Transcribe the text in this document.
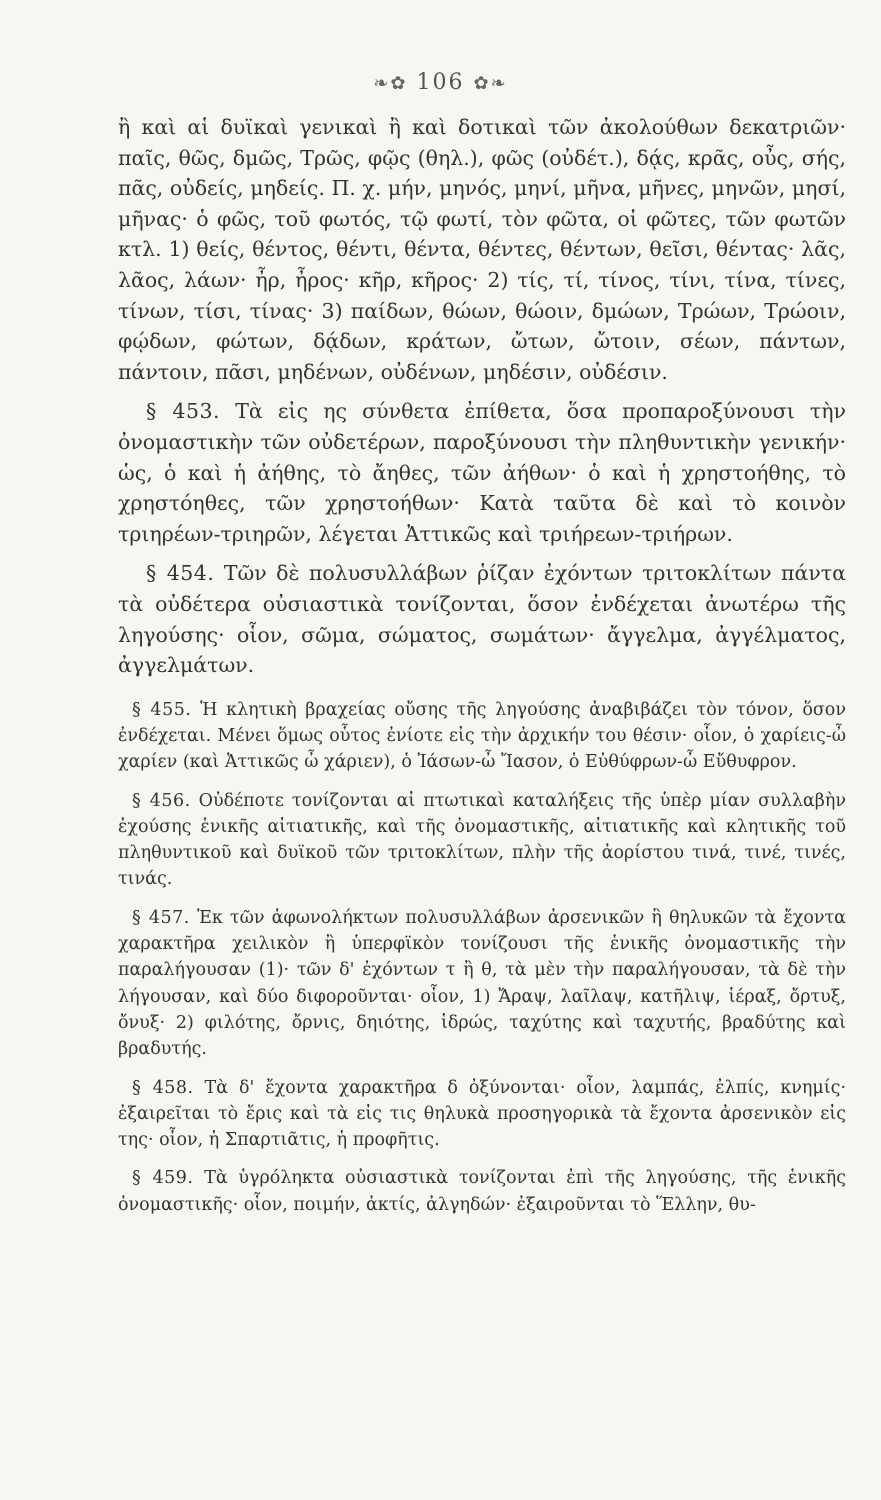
❧✿ 106 ✿❧

ἢ καὶ αἱ δυϊκαὶ γενικαὶ ἢ καὶ δοτικαὶ τῶν ἀκολούθων δεκατριῶν· παῖς, θῶς, δμῶς, Τρῶς, φῷς (θηλ.), φῶς (οὐδέτ.), δᾴς, κρᾶς, οὖς, σής, πᾶς, οὐδείς, μηδείς. Π. χ. μήν, μηνός, μηνί, μῆνα, μῆνες, μηνῶν, μησί, μῆνας· ὁ φῶς, τοῦ φωτός, τῷ φωτί, τὸν φῶτα, οἱ φῶτες, τῶν φωτῶν κτλ. 1) θείς, θέντος, θέντι, θέντα, θέντες, θέντων, θεῖσι, θέντας· λᾶς, λᾶος, λάων· ἦρ, ἦρος· κῆρ, κῆρος· 2) τίς, τί, τίνος, τίνι, τίνα, τίνες, τίνων, τίσι, τίνας· 3) παίδων, θώων, θώοιν, δμώων, Τρώων, Τρώοιν, φῴδων, φώτων, δᾴδων, κράτων, ὤτων, ὤτοιν, σέων, πάντων, πάντοιν, πᾶσι, μηδένων, οὐδένων, μηδέσιν, οὐδέσιν.

§ 453. Τὰ εἰς ης σύνθετα ἐπίθετα, ὅσα προπαροξύνουσι τὴν ὀνομαστικὴν τῶν οὐδετέρων, παροξύνουσι τὴν πληθυντικὴν γενικήν· ὡς, ὁ καὶ ἡ ἀήθης, τὸ ἄηθες, τῶν ἀήθων· ὁ καὶ ἡ χρηστοήθης, τὸ χρηστόηθες, τῶν χρηστοήθων· Κατὰ ταῦτα δὲ καὶ τὸ κοινὸν τριηρέων-τριηρῶν, λέγεται Ἀττικῶς καὶ τριήρεων-τριήρων.

§ 454. Τῶν δὲ πολυσυλλάβων ῥίζαν ἐχόντων τριτοκλίτων πάντα τὰ οὐδέτερα οὐσιαστικὰ τονίζονται, ὅσον ἐνδέχεται ἀνωτέρω τῆς ληγούσης· οἷον, σῶμα, σώματος, σωμάτων· ἄγγελμα, ἀγγέλματος, ἀγγελμάτων.

§ 455. Ἡ κλητικὴ βραχείας οὔσης τῆς ληγούσης ἀναβιβάζει τὸν τόνον, ὅσον ἐνδέχεται. Μένει ὅμως οὗτος ἐνίοτε εἰς τὴν ἀρχικήν του θέσιν· οἷον, ὁ χαρίεις-ὦ χαρίεν (καὶ Ἀττικῶς ὦ χάριεν), ὁ Ἰάσων-ὦ Ἴασον, ὁ Εὐθύφρων-ὦ Εὔθυφρον.

§ 456. Οὐδέποτε τονίζονται αἱ πτωτικαὶ καταλήξεις τῆς ὑπὲρ μίαν συλλαβὴν ἐχούσης ἑνικῆς αἰτιατικῆς, καὶ τῆς ὀνομαστικῆς, αἰτιατικῆς καὶ κλητικῆς τοῦ πληθυντικοῦ καὶ δυϊκοῦ τῶν τριτοκλίτων, πλὴν τῆς ἀορίστου τινά, τινέ, τινές, τινάς.

§ 457. Ἐκ τῶν ἀφωνολήκτων πολυσυλλάβων ἀρσενικῶν ἢ θηλυκῶν τὰ ἔχοντα χαρακτῆρα χειλικὸν ἢ ὑπερφϊκὸν τονίζουσι τῆς ἑνικῆς ὀνομαστικῆς τὴν παραλήγουσαν (1)· τῶν δ' ἐχόντων τ ἢ θ, τὰ μὲν τὴν παραλήγουσαν, τὰ δὲ τὴν λήγουσαν, καὶ δύο διφοροῦνται· οἷον, 1) Ἄραψ, λαῖλαψ, κατῆλιψ, ἱέραξ, ὄρτυξ, ὄνυξ· 2) φιλότης, ὄρνις, δηιότης, ἱδρώς, ταχύτης καὶ ταχυτής, βραδύτης καὶ βραδυτής.

§ 458. Τὰ δ' ἔχοντα χαρακτῆρα δ ὀξύνονται· οἷον, λαμπάς, ἐλπίς, κνημίς· ἐξαιρεῖται τὸ ἔρις καὶ τὰ εἰς τις θηλυκὰ προσηγορικὰ τὰ ἔχοντα ἀρσενικὸν εἰς της· οἷον, ἡ Σπαρτιᾶτις, ἡ προφῆτις.

§ 459. Τὰ ὑγρόληκτα οὐσιαστικὰ τονίζονται ἐπὶ τῆς ληγούσης, τῆς ἑνικῆς ὀνομαστικῆς· οἷον, ποιμήν, ἀκτίς, ἀλγηδών· ἐξαιροῦνται τὸ Ἕλλην, θυ-
